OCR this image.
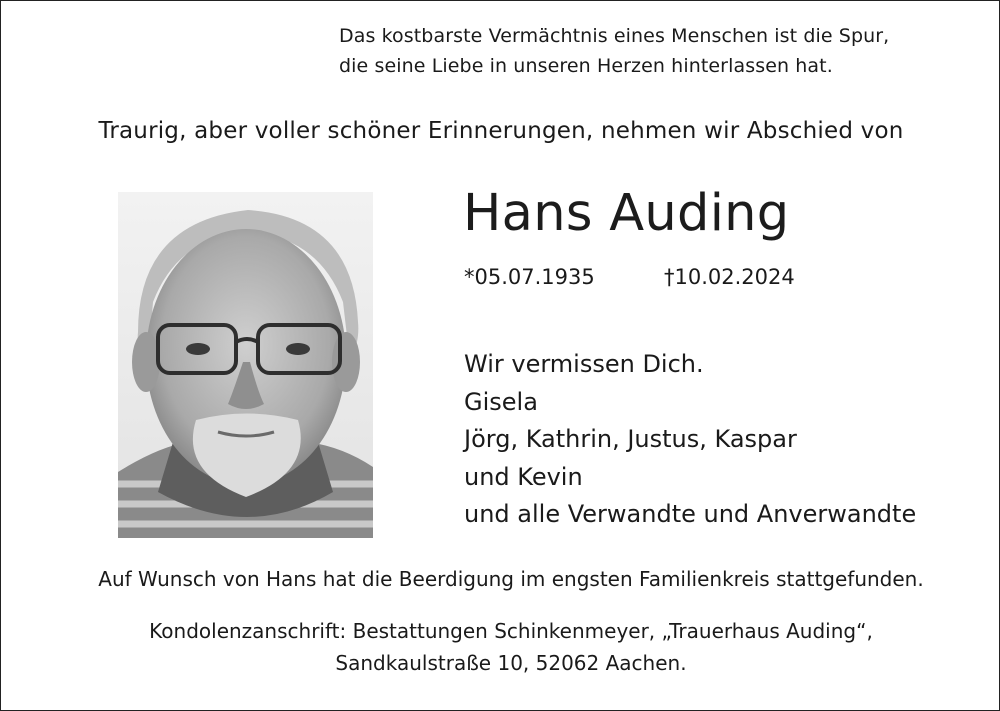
Das kostbarste Vermächtnis eines Menschen ist die Spur,
die seine Liebe in unseren Herzen hinterlassen hat.
Traurig, aber voller schöner Erinnerungen, nehmen wir Abschied von
Hans Auding
*05.07.1935	†10.02.2024
Wir vermissen Dich.
Gisela
Jörg, Kathrin, Justus, Kaspar
und Kevin
und alle Verwandte und Anverwandte
Auf Wunsch von Hans hat die Beerdigung im engsten Familienkreis stattgefunden.
Kondolenzanschrift: Bestattungen Schinkenmeyer, „Trauerhaus Auding“,
Sandkaulstraße 10, 52062 Aachen.
